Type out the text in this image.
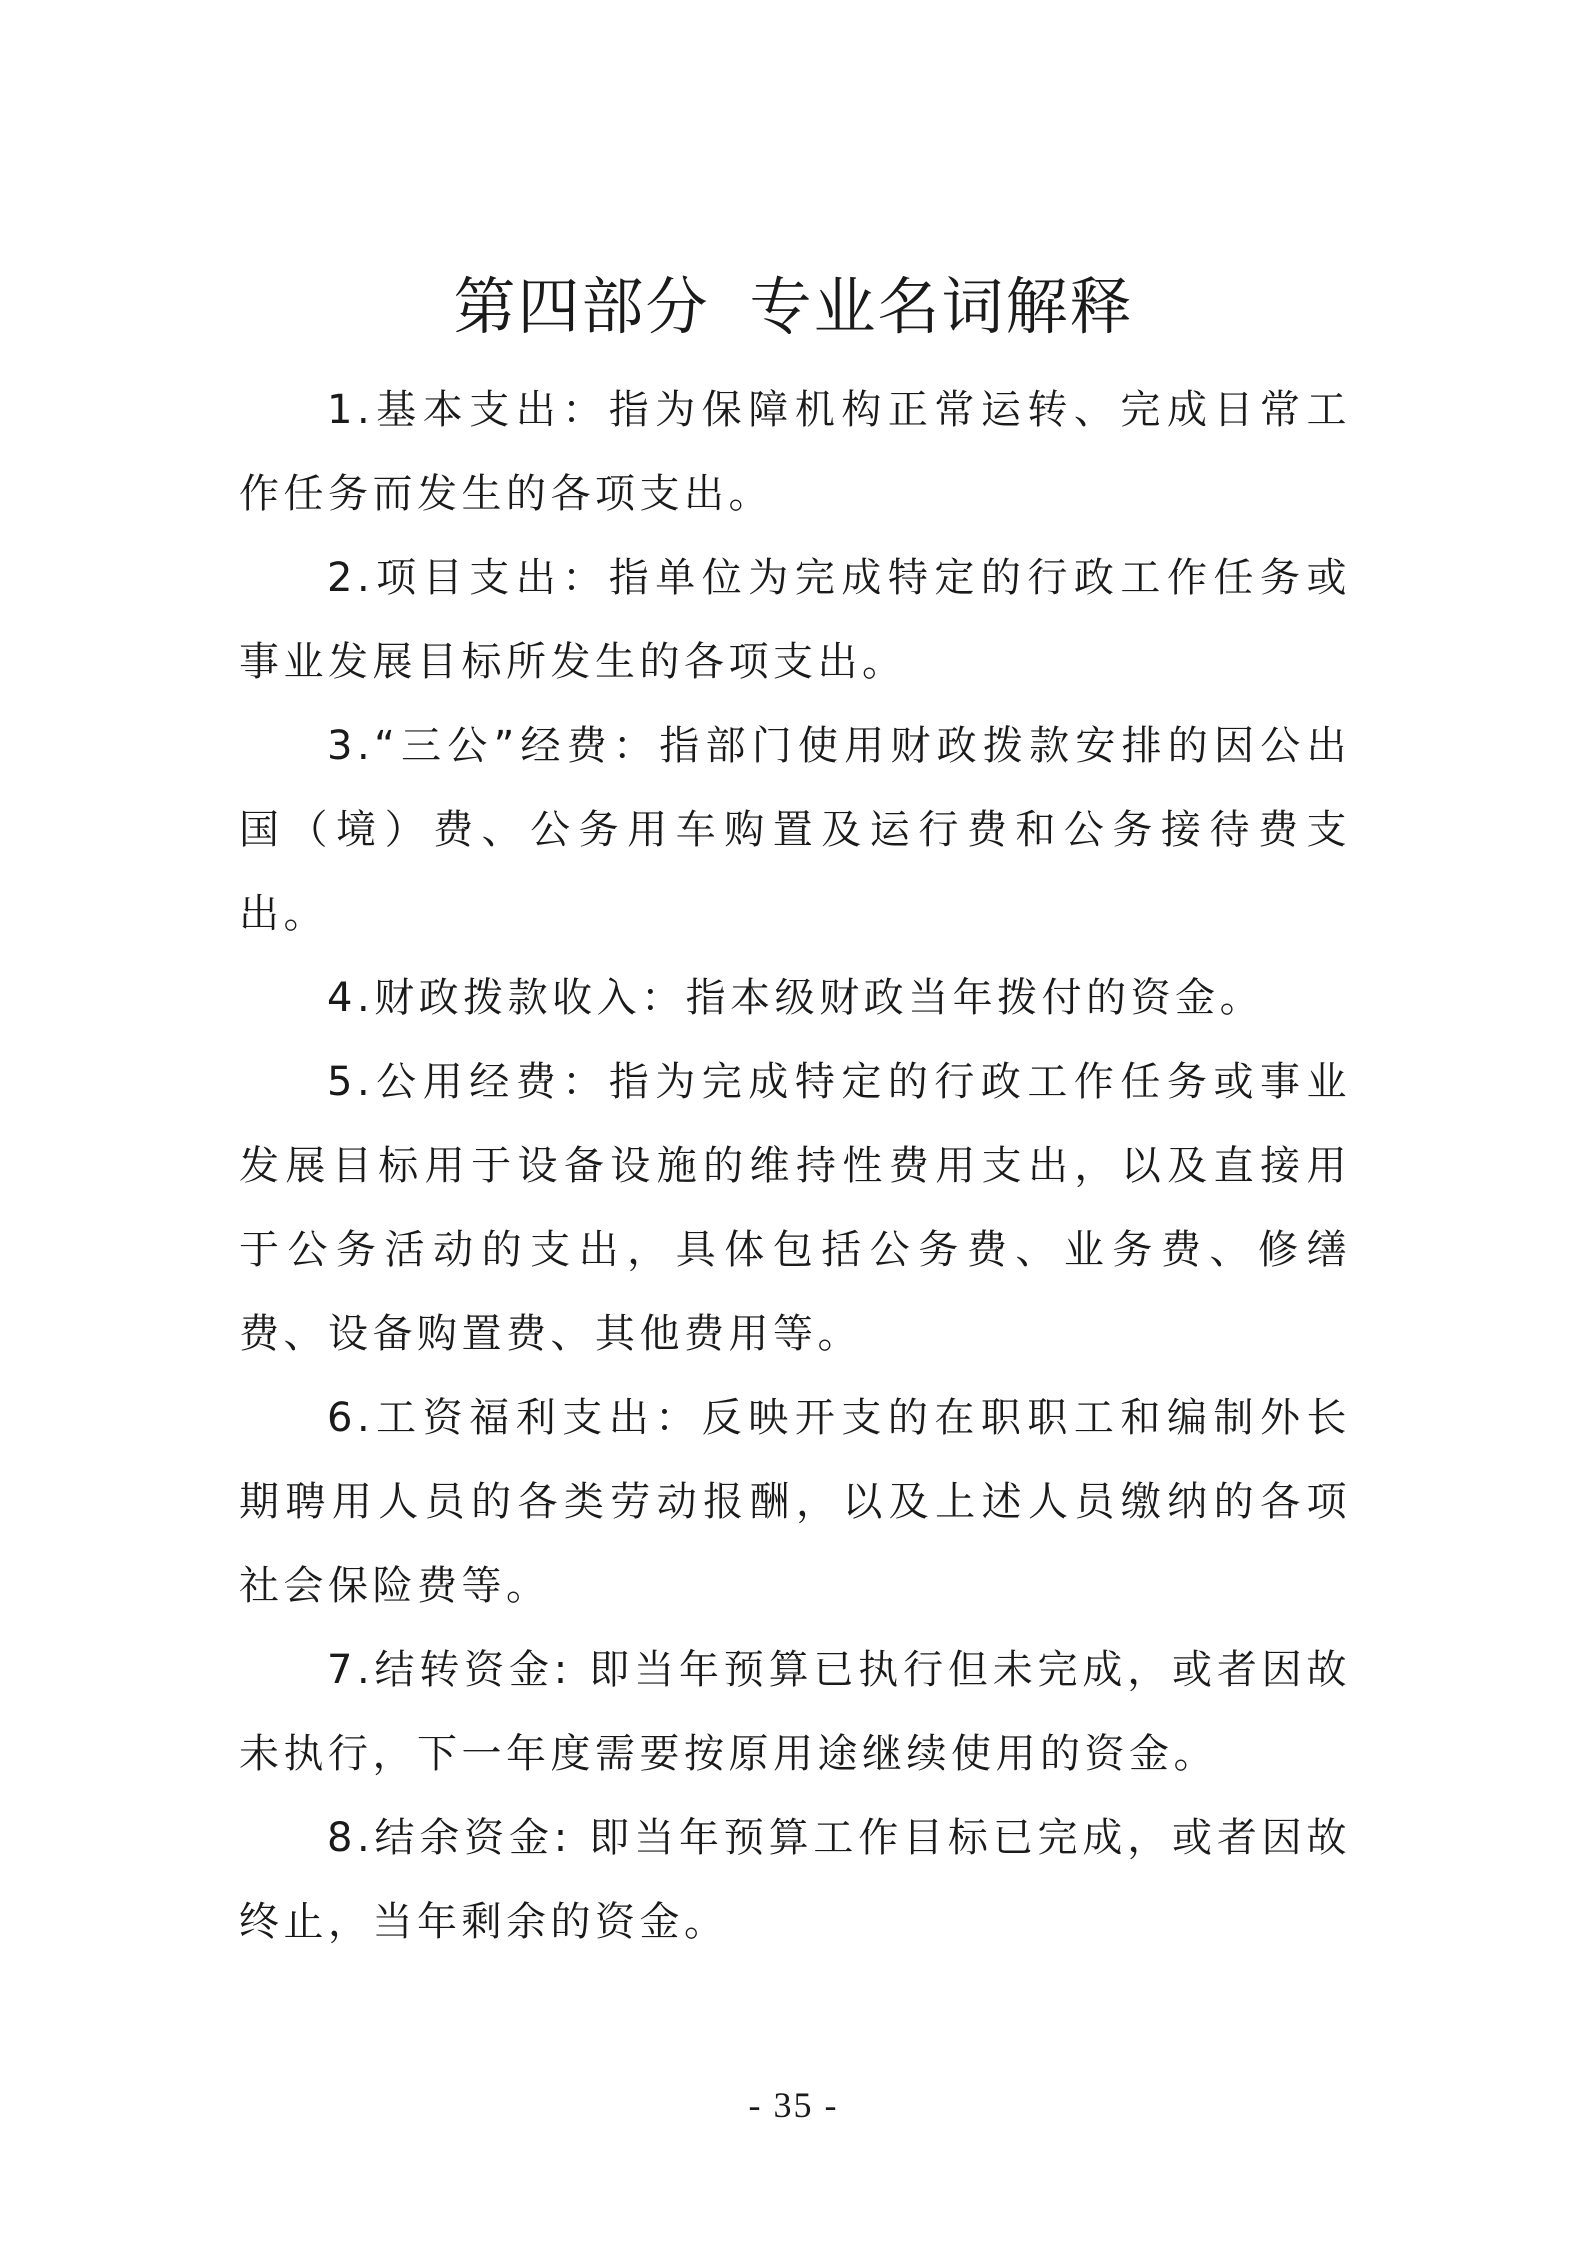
第四部分 专业名词解释

1.基本支出：指为保障机构正常运转、完成日常工作任务而发生的各项支出。

2.项目支出：指单位为完成特定的行政工作任务或事业发展目标所发生的各项支出。

3.“三公”经费：指部门使用财政拨款安排的因公出国（境）费、公务用车购置及运行费和公务接待费支出。

4.财政拨款收入：指本级财政当年拨付的资金。

5.公用经费：指为完成特定的行政工作任务或事业发展目标用于设备设施的维持性费用支出，以及直接用于公务活动的支出，具体包括公务费、业务费、修缮费、设备购置费、其他费用等。

6.工资福利支出：反映开支的在职职工和编制外长期聘用人员的各类劳动报酬，以及上述人员缴纳的各项社会保险费等。

7.结转资金: 即当年预算已执行但未完成，或者因故未执行，下一年度需要按原用途继续使用的资金。

8.结余资金: 即当年预算工作目标已完成，或者因故终止，当年剩余的资金。

- 35 -
